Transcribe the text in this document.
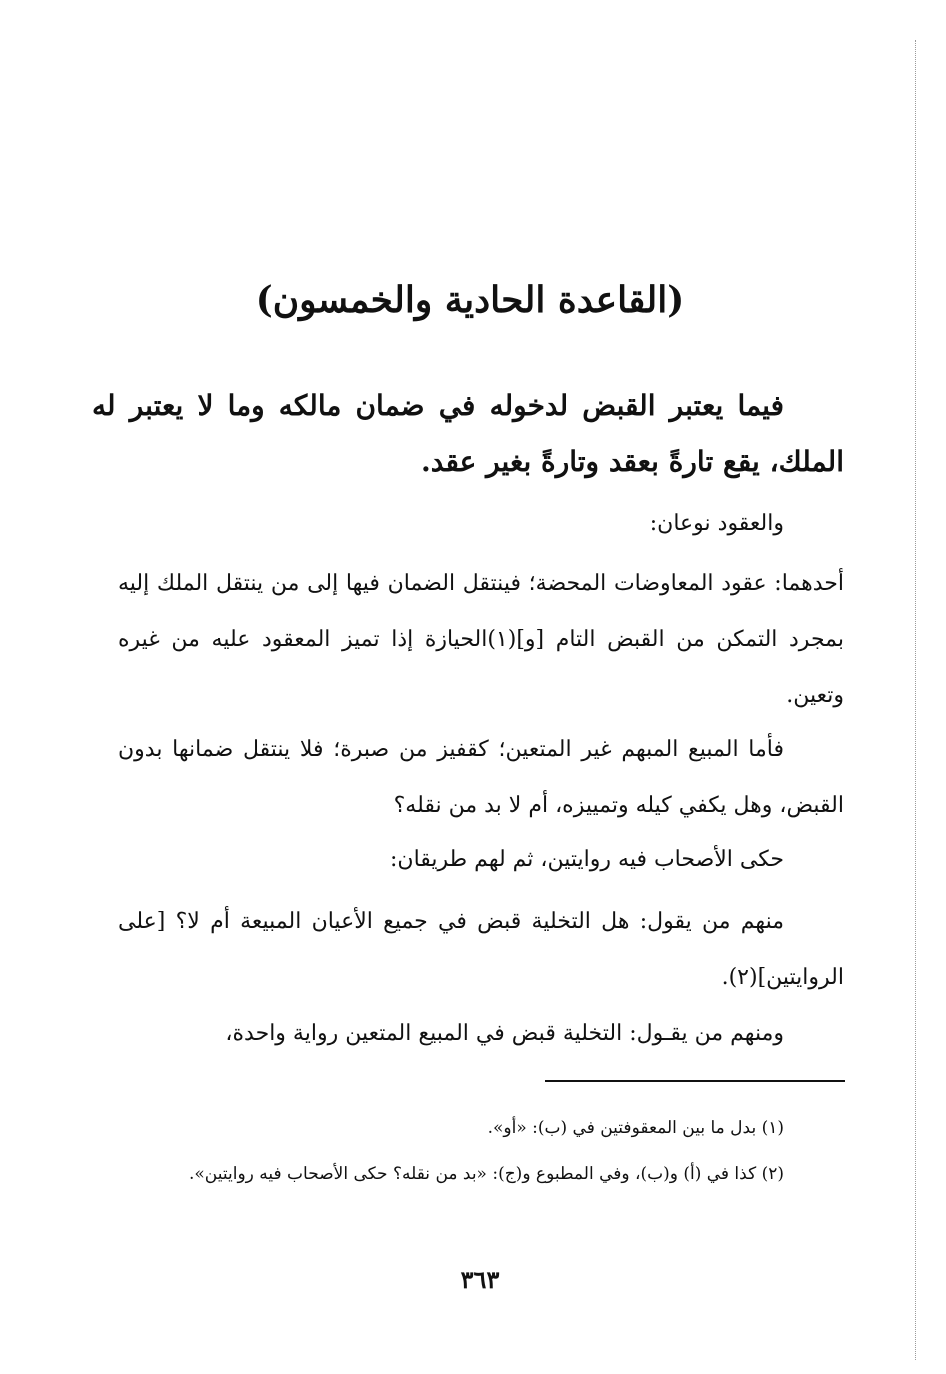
(القاعدة الحادية والخمسون)
فيما يعتبر القبض لدخوله في ضمان مالكه وما لا يعتبر له الملك، يقع تارةً بعقد وتارةً بغير عقد.
والعقود نوعان:
أحدهما: عقود المعاوضات المحضة؛ فينتقل الضمان فيها إلى من ينتقل الملك إليه بمجرد التمكن من القبض التام [و](١)الحيازة إذا تميز المعقود عليه من غيره وتعين.
فأما المبيع المبهم غير المتعين؛ كقفيز من صبرة؛ فلا ينتقل ضمانها بدون القبض، وهل يكفي كيله وتمييزه، أم لا بد من نقله؟
حكى الأصحاب فيه روايتين، ثم لهم طريقان:
منهم من يقول: هل التخلية قبض في جميع الأعيان المبيعة أم لا؟ [على الروايتين](٢).
ومنهم من يقـول: التخلية قبض في المبيع المتعين رواية واحدة،
(١) بدل ما بين المعقوفتين في (ب): «أو».
(٢) كذا في (أ) و(ب)، وفي المطبوع و(ج): «بد من نقله؟ حكى الأصحاب فيه روايتين».
٣٦٣
